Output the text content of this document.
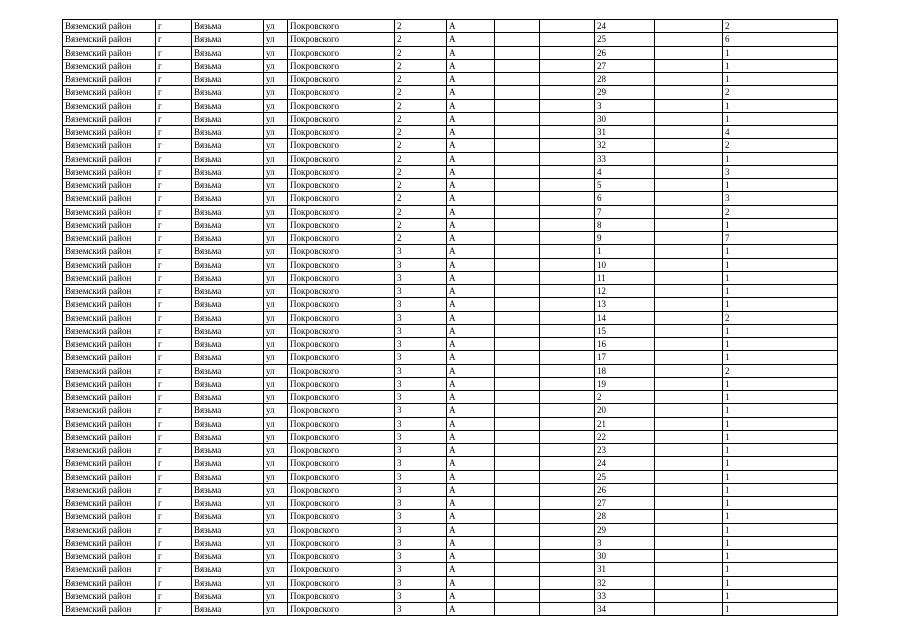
Вяземский район	г	Вязьма	ул	Покровского	2	А			24		2
Вяземский район	г	Вязьма	ул	Покровского	2	А			25		6
Вяземский район	г	Вязьма	ул	Покровского	2	А			26		1
Вяземский район	г	Вязьма	ул	Покровского	2	А			27		1
Вяземский район	г	Вязьма	ул	Покровского	2	А			28		1
Вяземский район	г	Вязьма	ул	Покровского	2	А			29		2
Вяземский район	г	Вязьма	ул	Покровского	2	А			3		1
Вяземский район	г	Вязьма	ул	Покровского	2	А			30		1
Вяземский район	г	Вязьма	ул	Покровского	2	А			31		4
Вяземский район	г	Вязьма	ул	Покровского	2	А			32		2
Вяземский район	г	Вязьма	ул	Покровского	2	А			33		1
Вяземский район	г	Вязьма	ул	Покровского	2	А			4		3
Вяземский район	г	Вязьма	ул	Покровского	2	А			5		1
Вяземский район	г	Вязьма	ул	Покровского	2	А			6		3
Вяземский район	г	Вязьма	ул	Покровского	2	А			7		2
Вяземский район	г	Вязьма	ул	Покровского	2	А			8		1
Вяземский район	г	Вязьма	ул	Покровского	2	А			9		7
Вяземский район	г	Вязьма	ул	Покровского	3	А			1		1
Вяземский район	г	Вязьма	ул	Покровского	3	А			10		1
Вяземский район	г	Вязьма	ул	Покровского	3	А			11		1
Вяземский район	г	Вязьма	ул	Покровского	3	А			12		1
Вяземский район	г	Вязьма	ул	Покровского	3	А			13		1
Вяземский район	г	Вязьма	ул	Покровского	3	А			14		2
Вяземский район	г	Вязьма	ул	Покровского	3	А			15		1
Вяземский район	г	Вязьма	ул	Покровского	3	А			16		1
Вяземский район	г	Вязьма	ул	Покровского	3	А			17		1
Вяземский район	г	Вязьма	ул	Покровского	3	А			18		2
Вяземский район	г	Вязьма	ул	Покровского	3	А			19		1
Вяземский район	г	Вязьма	ул	Покровского	3	А			2		1
Вяземский район	г	Вязьма	ул	Покровского	3	А			20		1
Вяземский район	г	Вязьма	ул	Покровского	3	А			21		1
Вяземский район	г	Вязьма	ул	Покровского	3	А			22		1
Вяземский район	г	Вязьма	ул	Покровского	3	А			23		1
Вяземский район	г	Вязьма	ул	Покровского	3	А			24		1
Вяземский район	г	Вязьма	ул	Покровского	3	А			25		1
Вяземский район	г	Вязьма	ул	Покровского	3	А			26		1
Вяземский район	г	Вязьма	ул	Покровского	3	А			27		1
Вяземский район	г	Вязьма	ул	Покровского	3	А			28		1
Вяземский район	г	Вязьма	ул	Покровского	3	А			29		1
Вяземский район	г	Вязьма	ул	Покровского	3	А			3		1
Вяземский район	г	Вязьма	ул	Покровского	3	А			30		1
Вяземский район	г	Вязьма	ул	Покровского	3	А			31		1
Вяземский район	г	Вязьма	ул	Покровского	3	А			32		1
Вяземский район	г	Вязьма	ул	Покровского	3	А			33		1
Вяземский район	г	Вязьма	ул	Покровского	3	А			34		1
